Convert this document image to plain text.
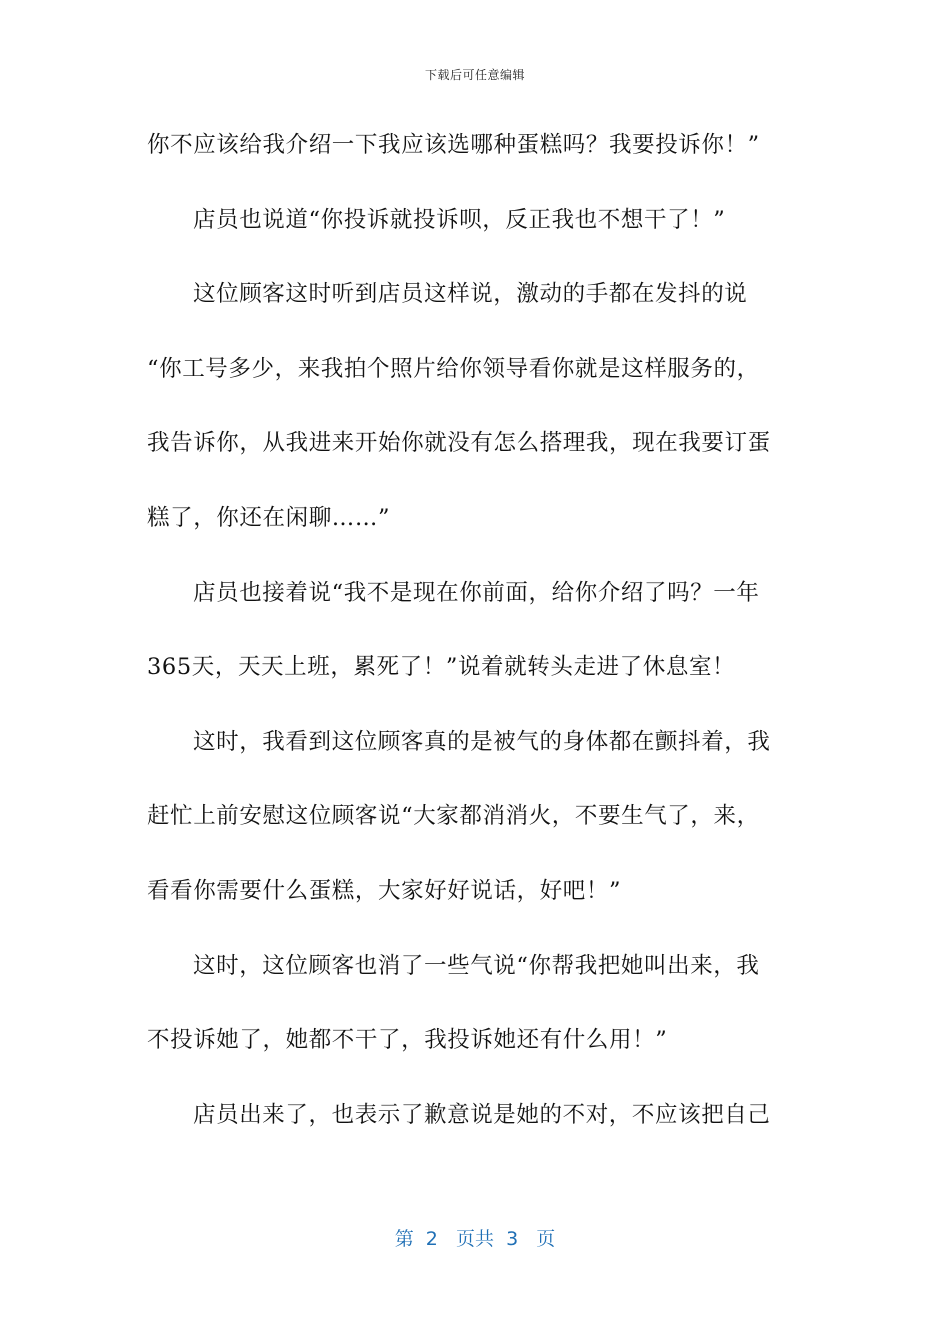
下载后可任意编辑
你不应该给我介绍一下我应该选哪种蛋糕吗？我要投诉你！”
店员也说道“你投诉就投诉呗，反正我也不想干了！”
这位顾客这时听到店员这样说，激动的手都在发抖的说
“你工号多少，来我拍个照片给你领导看你就是这样服务的，
我告诉你，从我进来开始你就没有怎么搭理我，现在我要订蛋
糕了，你还在闲聊……”
店员也接着说“我不是现在你前面，给你介绍了吗？一年
365天，天天上班，累死了！”说着就转头走进了休息室！
这时，我看到这位顾客真的是被气的身体都在颤抖着，我
赶忙上前安慰这位顾客说“大家都消消火，不要生气了，来，
看看你需要什么蛋糕，大家好好说话，好吧！”
这时，这位顾客也消了一些气说“你帮我把她叫出来，我
不投诉她了，她都不干了，我投诉她还有什么用！”
店员出来了，也表示了歉意说是她的不对，不应该把自己
第  2   页共  3   页
